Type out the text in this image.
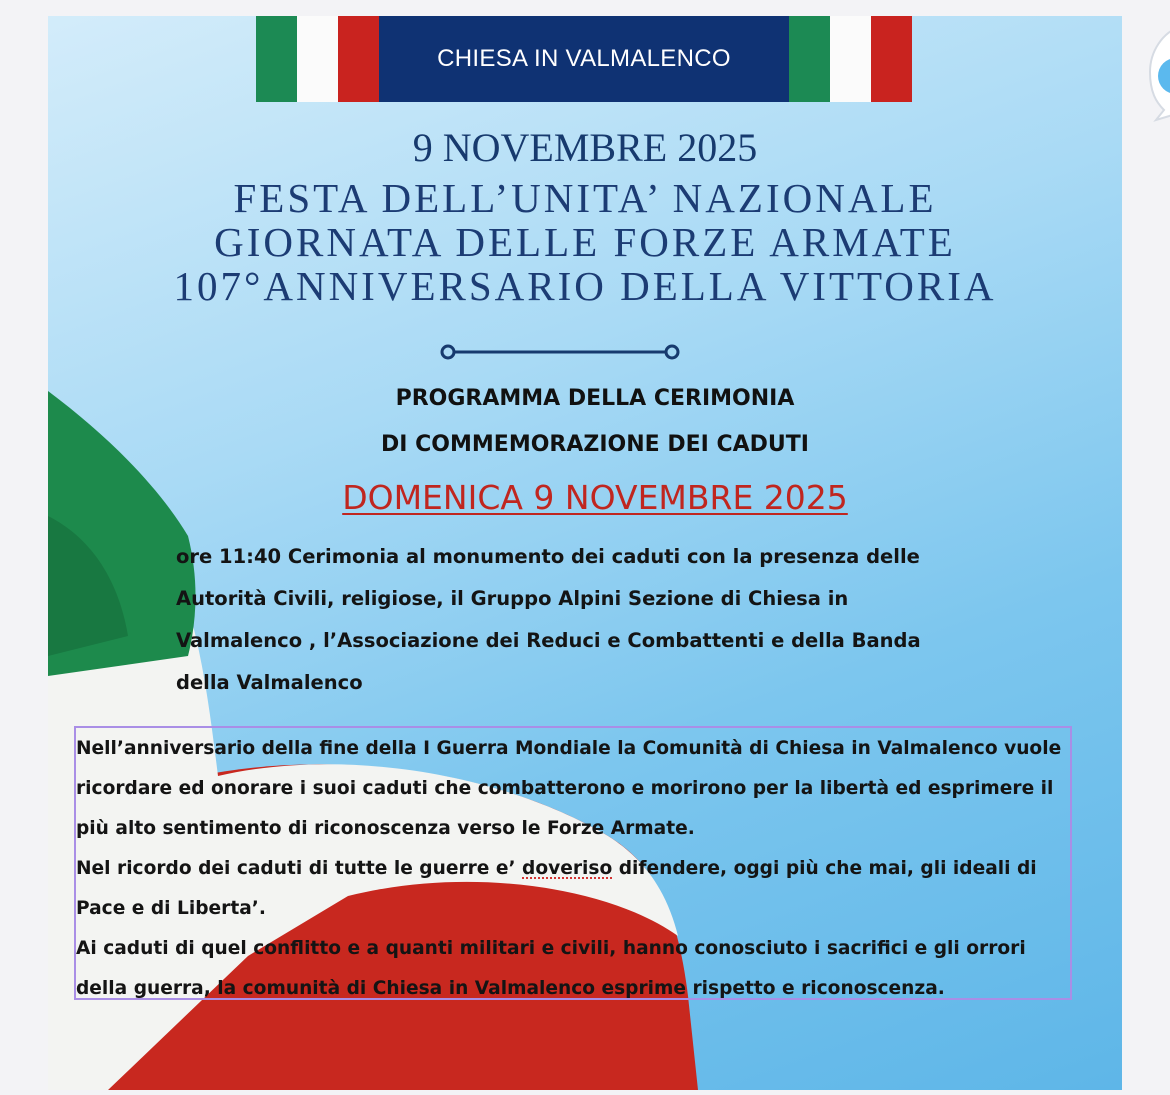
CHIESA IN VALMALENCO
9 NOVEMBRE 2025
FESTA DELL’UNITA’ NAZIONALE
GIORNATA DELLE FORZE ARMATE
107°ANNIVERSARIO DELLA VITTORIA
PROGRAMMA DELLA CERIMONIA
DI COMMEMORAZIONE DEI CADUTI
DOMENICA 9 NOVEMBRE 2025
ore 11:40 Cerimonia al monumento dei caduti con la presenza delle
Autorità Civili, religiose, il Gruppo Alpini Sezione di Chiesa in
Valmalenco , l’Associazione dei Reduci e Combattenti e della Banda
della Valmalenco

Nell’anniversario della fine della I Guerra Mondiale la Comunità di Chiesa in Valmalenco vuole ricordare ed onorare i suoi caduti che combatterono e morirono per la libertà ed esprimere il più alto sentimento di riconoscenza verso le Forze Armate.

Nel ricordo dei caduti di tutte le guerre e’ doveriso difendere, oggi più che mai, gli ideali di Pace e di Liberta’.

Ai caduti di quel conflitto e a quanti militari e civili, hanno conosciuto i sacrifici e gli orrori della guerra, la comunità di Chiesa in Valmalenco esprime rispetto e riconoscenza.
